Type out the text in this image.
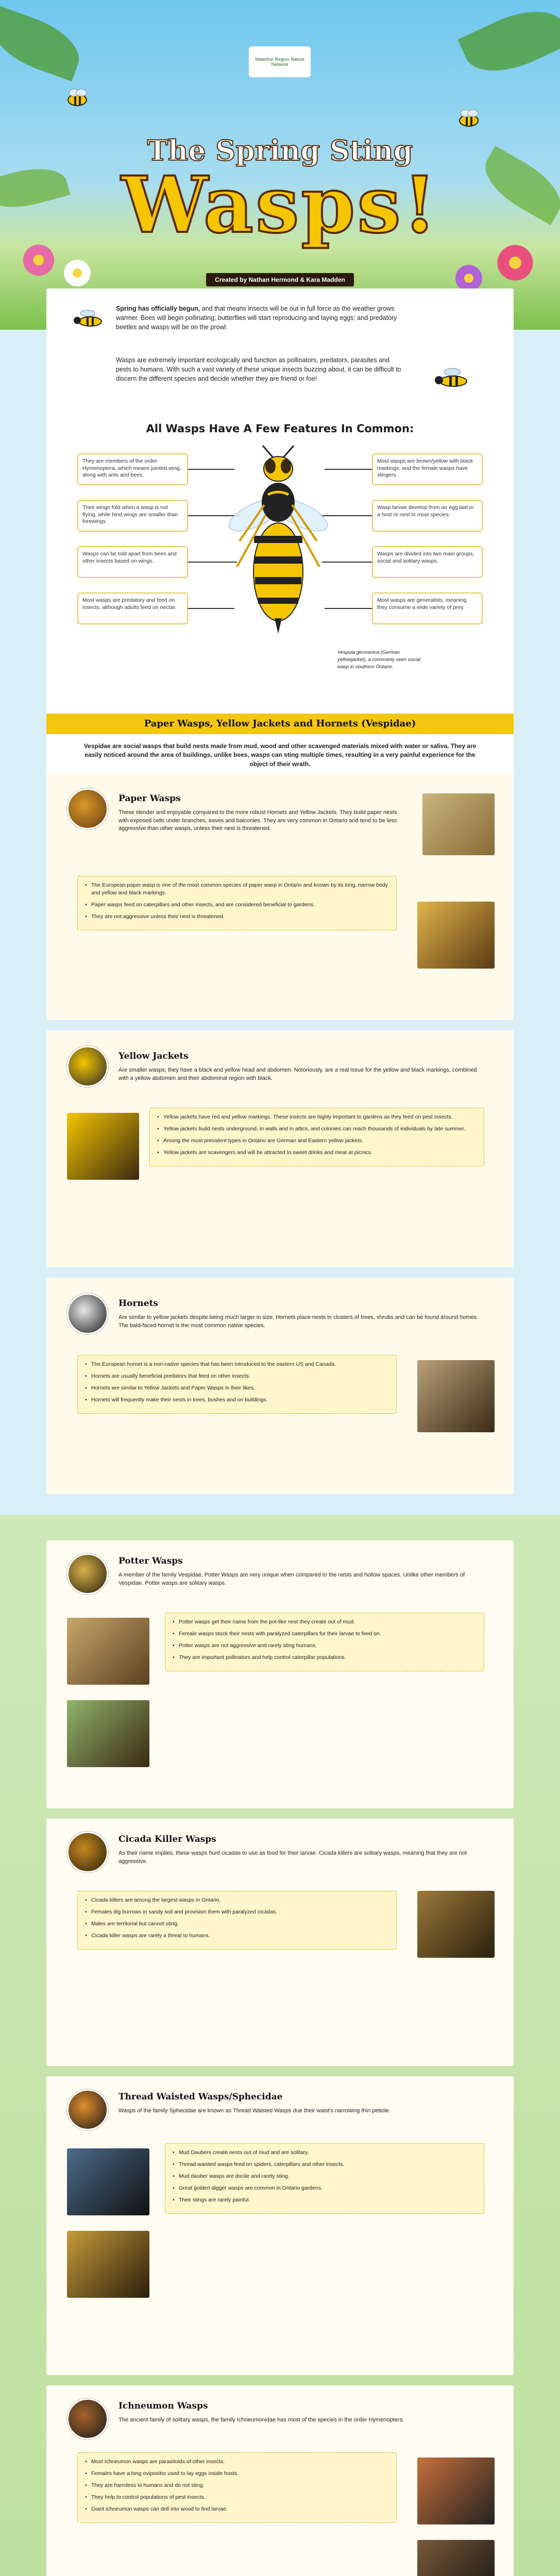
Waterloo Region Nature Network
The Spring Sting
Wasps!
Created by Nathan Hermond & Kara Madden
Spring has officially begun, and that means insects will be out in full force as the weather grows warmer. Bees will begin pollinating; butterflies will start reproducing and laying eggs; and predatory beetles and wasps will be on the prowl.
Wasps are extremely important ecologically and function as pollinators, predators, parasites and pests to humans. With such a vast variety of these unique insects buzzing about, it can be difficult to discern the different species and decide whether they are friend or foe!
All Wasps Have A Few Features In Common:
They are members of the order Hymenoptera, which means jointed wing, along with ants and bees.
Their wings fold when a wasp is not flying, while hind wings are smaller than forewings.
Wasps can be told apart from bees and other insects based on wings.
Most wasps are predatory and feed on insects, although adults feed on nectar.
Most wasps are brown/yellow with black markings, and the female wasps have stingers.
Wasp larvae develop from an egg laid in a host or nest in most species.
Wasps are divided into two main groups, social and solitary wasps.
Most wasps are generalists, meaning they consume a wide variety of prey.
Vespula germanica (German yellowjacket), a commonly seen social wasp in southern Ontario.
Paper Wasps, Yellow Jackets and Hornets (Vespidae)
Vespidae are social wasps that build nests made from mud, wood and other scavenged materials mixed with water or saliva. They are easily noticed around the area of buildings, unlike bees, wasps can sting multiple times, resulting in a very painful experience for the object of their wrath.
Paper Wasps
These slender and enjoyable compared to the more robust Hornets and Yellow Jackets. They build paper nests with exposed cells under branches, eaves and balconies. They are very common in Ontario and tend to be less aggressive than other wasps, unless their nest is threatened.
• The European paper wasp is one of the most common species of paper wasp in Ontario and known by its long, narrow body and yellow and black markings.
• Paper wasps feed on caterpillars and other insects, and are considered beneficial to gardens.
• They are not aggressive unless their nest is threatened.
Yellow Jackets
Are smaller wasps; they have a black and yellow head and abdomen. Notoriously, are a real issue for the yellow and black markings, combined with a yellow abdomen and their abdominal region with black.
• Yellow jackets have red and yellow markings. These insects are highly important to gardens as they feed on pest insects.
• Yellow jackets build nests underground, in walls and in attics, and colonies can reach thousands of individuals by late summer.
• Among the most prevalent types in Ontario are German and Eastern yellow jackets.
• Yellow jackets are scavengers and will be attracted to sweet drinks and meat at picnics.
Hornets
Are similar to yellow jackets despite being much larger in size. Hornets place nests in clusters of trees, shrubs and can be found around homes. The bald-faced hornet is the most common native species.
• The European hornet is a non-native species that has been introduced to the eastern US and Canada.
• Hornets are usually beneficial predators that feed on other insects.
• Hornets are similar to Yellow Jackets and Paper Wasps in their likes.
• Hornets will frequently make their nests in trees, bushes and on buildings.
Potter Wasps
A member of the family Vespidae, Potter Wasps are very unique when compared to the nests and hollow spaces. Unlike other members of Vespidae, Potter wasps are solitary wasps.
• Potter wasps get their name from the pot-like nest they create out of mud.
• Female wasps stock their nests with paralyzed caterpillars for their larvae to feed on.
• Potter wasps are not aggressive and rarely sting humans.
• They are important pollinators and help control caterpillar populations.
Cicada Killer Wasps
As their name implies, these wasps hunt cicadas to use as food for their larvae. Cicada killers are solitary wasps, meaning that they are not aggressive.
• Cicada killers are among the largest wasps in Ontario.
• Females dig burrows in sandy soil and provision them with paralyzed cicadas.
• Males are territorial but cannot sting.
• Cicada killer wasps are rarely a threat to humans.
Thread Waisted Wasps/Sphecidae
Wasps of the family Sphecidae are known as Thread Waisted Wasps due their waist's narrowing thin petiole.
• Mud Daubers create nests out of mud and are solitary.
• Thread waisted wasps feed on spiders, caterpillars and other insects.
• Mud dauber wasps are docile and rarely sting.
• Great golden digger wasps are common in Ontario gardens.
• Their stings are rarely painful.
Ichneumon Wasps
The ancient family of solitary wasps, the family Ichneumonidae has most of the species in the order Hymenoptera.
• Most Ichneumon wasps are parasitoids of other insects.
• Females have a long ovipositor used to lay eggs inside hosts.
• They are harmless to humans and do not sting.
• They help to control populations of pest insects.
• Giant ichneumon wasps can drill into wood to find larvae.
